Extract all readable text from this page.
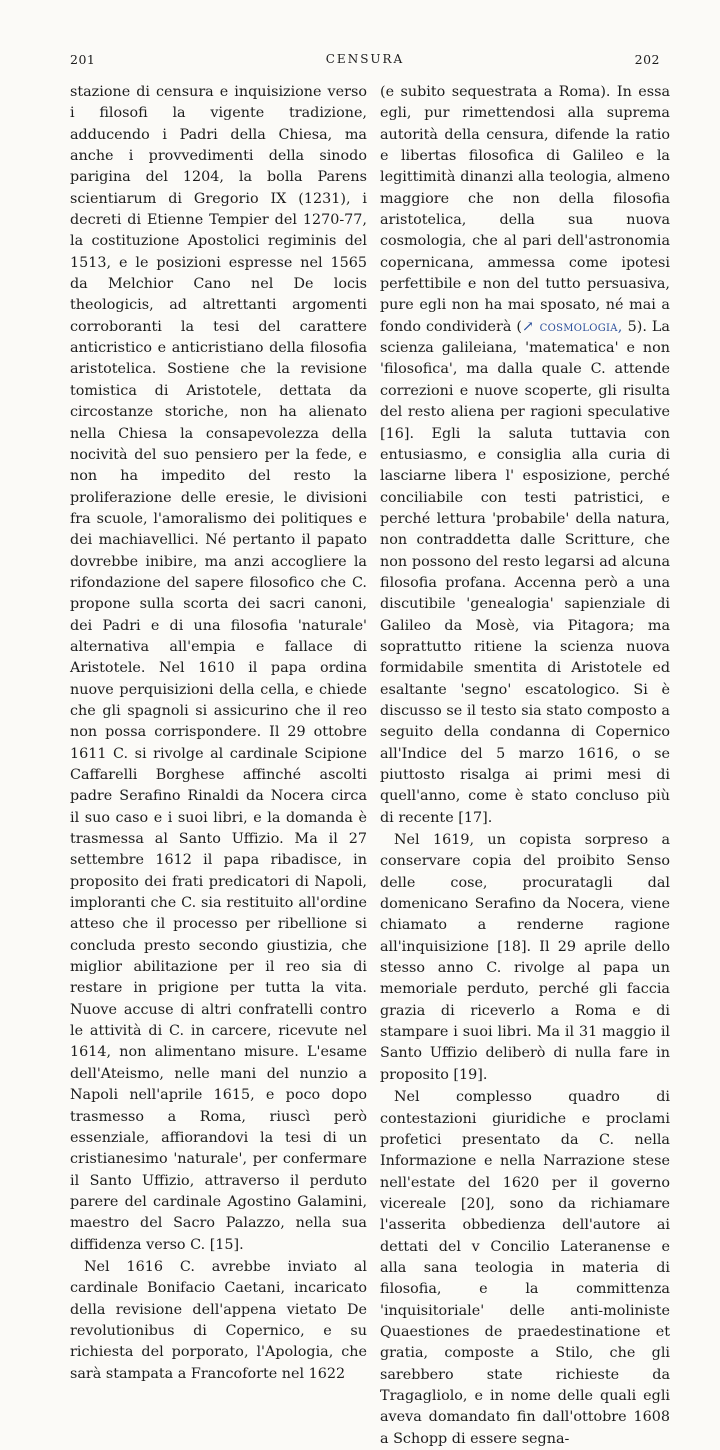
201	CENSURA	202

stazione di censura e inquisizione verso i filosofi la vigente tradizione, adducendo i Padri della Chiesa, ma anche i provvedimenti della sinodo parigina del 1204, la bolla Parens scientiarum di Gregorio IX (1231), i decreti di Etienne Tempier del 1270-77, la costituzione Apostolici regiminis del 1513, e le posizioni espresse nel 1565 da Melchior Cano nel De locis theologicis, ad altrettanti argomenti corroboranti la tesi del carattere anticristico e anticristiano della filosofia aristotelica. Sostiene che la revisione tomistica di Aristotele, dettata da circostanze storiche, non ha alienato nella Chiesa la consapevolezza della nocività del suo pensiero per la fede, e non ha impedito del resto la proliferazione delle eresie, le divisioni fra scuole, l'amoralismo dei politiques e dei machiavellici. Né pertanto il papato dovrebbe inibire, ma anzi accogliere la rifondazione del sapere filosofico che C. propone sulla scorta dei sacri canoni, dei Padri e di una filosofia 'naturale' alternativa all'empia e fallace di Aristotele. Nel 1610 il papa ordina nuove perquisizioni della cella, e chiede che gli spagnoli si assicurino che il reo non possa corrispondere. Il 29 ottobre 1611 C. si rivolge al cardinale Scipione Caffarelli Borghese affinché ascolti padre Serafino Rinaldi da Nocera circa il suo caso e i suoi libri, e la domanda è trasmessa al Santo Uffizio. Ma il 27 settembre 1612 il papa ribadisce, in proposito dei frati predicatori di Napoli, imploranti che C. sia restituito all'ordine atteso che il processo per ribellione si concluda presto secondo giustizia, che miglior abilitazione per il reo sia di restare in prigione per tutta la vita. Nuove accuse di altri confratelli contro le attività di C. in carcere, ricevute nel 1614, non alimentano misure. L'esame dell'Ateismo, nelle mani del nunzio a Napoli nell'aprile 1615, e poco dopo trasmesso a Roma, riuscì però essenziale, affiorandovi la tesi di un cristianesimo 'naturale', per confermare il Santo Uffizio, attraverso il perduto parere del cardinale Agostino Galamini, maestro del Sacro Palazzo, nella sua diffidenza verso C. [15].

Nel 1616 C. avrebbe inviato al cardinale Bonifacio Caetani, incaricato della revisione dell'appena vietato De revolutionibus di Copernico, e su richiesta del porporato, l'Apologia, che sarà stampata a Francoforte nel 1622

(e subito sequestrata a Roma). In essa egli, pur rimettendosi alla suprema autorità della censura, difende la ratio e libertas filosofica di Galileo e la legittimità dinanzi alla teologia, almeno maggiore che non della filosofia aristotelica, della sua nuova cosmologia, che al pari dell'astronomia copernicana, ammessa come ipotesi perfettibile e non del tutto persuasiva, pure egli non ha mai sposato, né mai a fondo condividerà (↗ cosmologia, 5). La scienza galileiana, 'matematica' e non 'filosofica', ma dalla quale C. attende correzioni e nuove scoperte, gli risulta del resto aliena per ragioni speculative [16]. Egli la saluta tuttavia con entusiasmo, e consiglia alla curia di lasciarne libera l' esposizione, perché conciliabile con testi patristici, e perché lettura 'probabile' della natura, non contraddetta dalle Scritture, che non possono del resto legarsi ad alcuna filosofia profana. Accenna però a una discutibile 'genealogia' sapienziale di Galileo da Mosè, via Pitagora; ma soprattutto ritiene la scienza nuova formidabile smentita di Aristotele ed esaltante 'segno' escatologico. Si è discusso se il testo sia stato composto a seguito della condanna di Copernico all'Indice del 5 marzo 1616, o se piuttosto risalga ai primi mesi di quell'anno, come è stato concluso più di recente [17].

Nel 1619, un copista sorpreso a conservare copia del proibito Senso delle cose, procuratagli dal domenicano Serafino da Nocera, viene chiamato a renderne ragione all'inquisizione [18]. Il 29 aprile dello stesso anno C. rivolge al papa un memoriale perduto, perché gli faccia grazia di riceverlo a Roma e di stampare i suoi libri. Ma il 31 maggio il Santo Uffizio deliberò di nulla fare in proposito [19].

Nel complesso quadro di contestazioni giuridiche e proclami profetici presentato da C. nella Informazione e nella Narrazione stese nell'estate del 1620 per il governo vicereale [20], sono da richiamare l'asserita obbedienza dell'autore ai dettati del v Concilio Lateranense e alla sana teologia in materia di filosofia, e la committenza 'inquisitoriale' delle anti-moliniste Quaestiones de praedestinatione et gratia, composte a Stilo, che gli sarebbero state richieste da Tragagliolo, e in nome delle quali egli aveva domandato fin dall'ottobre 1608 a Schopp di essere segna-
